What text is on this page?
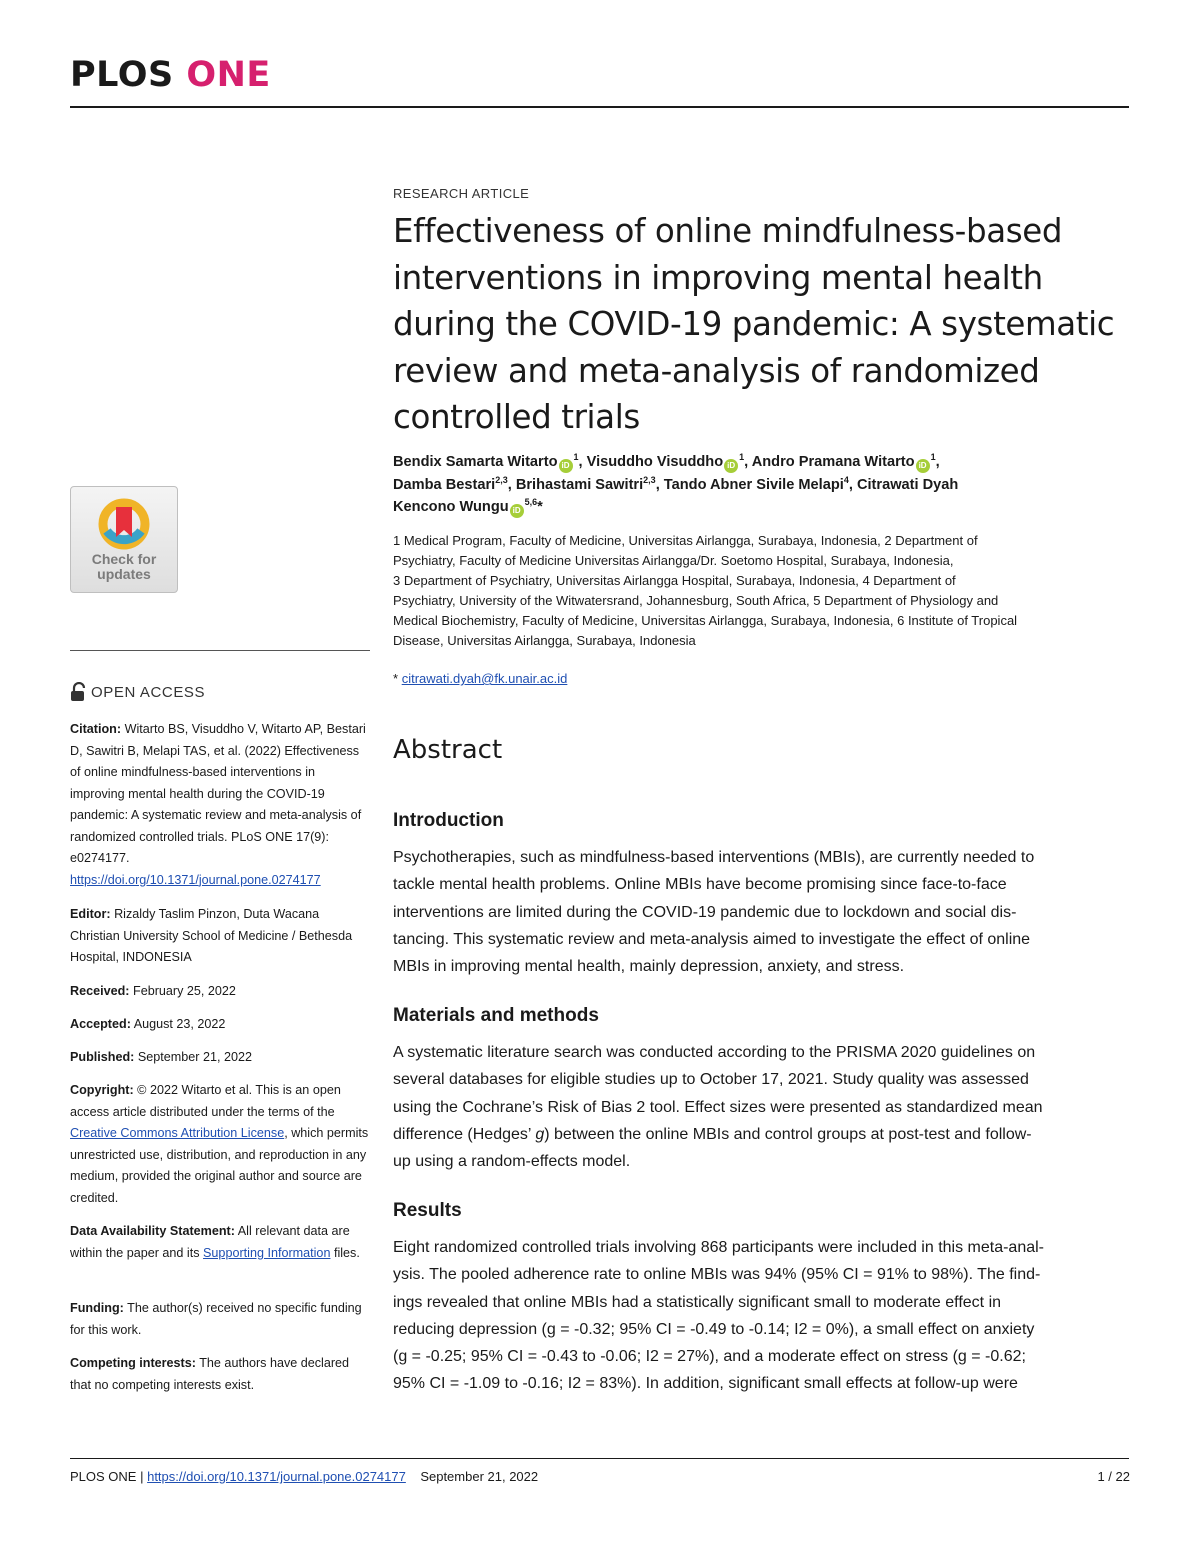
PLOS ONE
Check for
updates
OPEN ACCESS
Citation: Witarto BS, Visuddho V, Witarto AP, Bestari D, Sawitri B, Melapi TAS, et al. (2022) Effectiveness of online mindfulness-based interventions in improving mental health during the COVID-19 pandemic: A systematic review and meta-analysis of randomized controlled trials. PLoS ONE 17(9): e0274177. https://doi.org/10.1371/journal.pone.0274177
Editor: Rizaldy Taslim Pinzon, Duta Wacana Christian University School of Medicine / Bethesda Hospital, INDONESIA
Received: February 25, 2022
Accepted: August 23, 2022
Published: September 21, 2022
Copyright: © 2022 Witarto et al. This is an open access article distributed under the terms of the Creative Commons Attribution License, which permits unrestricted use, distribution, and reproduction in any medium, provided the original author and source are credited.
Data Availability Statement: All relevant data are within the paper and its Supporting Information files.
Funding: The author(s) received no specific funding for this work.
Competing interests: The authors have declared that no competing interests exist.
RESEARCH ARTICLE
Effectiveness of online mindfulness-based
interventions in improving mental health
during the COVID-19 pandemic: A systematic
review and meta-analysis of randomized
controlled trials
Bendix Samarta Witarto $iD^1$, Visuddho Visuddho $iD^1$, Andro Pramana Witarto $iD^1$,
Damba Bestari$^{2,3}$, Brihastami Sawitri$^{2,3}$, Tando Abner Sivile Melapi$^4$, Citrawati Dyah
Kencono Wungu iD$^{5,6}$*
1 Medical Program, Faculty of Medicine, Universitas Airlangga, Surabaya, Indonesia, 2 Department of
Psychiatry, Faculty of Medicine Universitas Airlangga/Dr. Soetomo Hospital, Surabaya, Indonesia,
3 Department of Psychiatry, Universitas Airlangga Hospital, Surabaya, Indonesia, 4 Department of
Psychiatry, University of the Witwatersrand, Johannesburg, South Africa, 5 Department of Physiology and
Medical Biochemistry, Faculty of Medicine, Universitas Airlangga, Surabaya, Indonesia, 6 Institute of Tropical
Disease, Universitas Airlangga, Surabaya, Indonesia
* citrawati.dyah@fk.unair.ac.id
Abstract
Introduction
Psychotherapies, such as mindfulness-based interventions (MBIs), are currently needed to
tackle mental health problems. Online MBIs have become promising since face-to-face
interventions are limited during the COVID-19 pandemic due to lockdown and social dis-
tancing. This systematic review and meta-analysis aimed to investigate the effect of online
MBIs in improving mental health, mainly depression, anxiety, and stress.
Materials and methods
A systematic literature search was conducted according to the PRISMA 2020 guidelines on
several databases for eligible studies up to October 17, 2021. Study quality was assessed
using the Cochrane’s Risk of Bias 2 tool. Effect sizes were presented as standardized mean
difference (Hedges’ g) between the online MBIs and control groups at post-test and follow-
up using a random-effects model.
Results
Eight randomized controlled trials involving 868 participants were included in this meta-anal-
ysis. The pooled adherence rate to online MBIs was 94% (95% CI = 91% to 98%). The find-
ings revealed that online MBIs had a statistically significant small to moderate effect in
reducing depression (g = -0.32; 95% CI = -0.49 to -0.14; I2 = 0%), a small effect on anxiety
(g = -0.25; 95% CI = -0.43 to -0.06; I2 = 27%), and a moderate effect on stress (g = -0.62;
95% CI = -1.09 to -0.16; I2 = 83%). In addition, significant small effects at follow-up were
PLOS ONE | https://doi.org/10.1371/journal.pone.0274177 September 21, 2022	1 / 22
